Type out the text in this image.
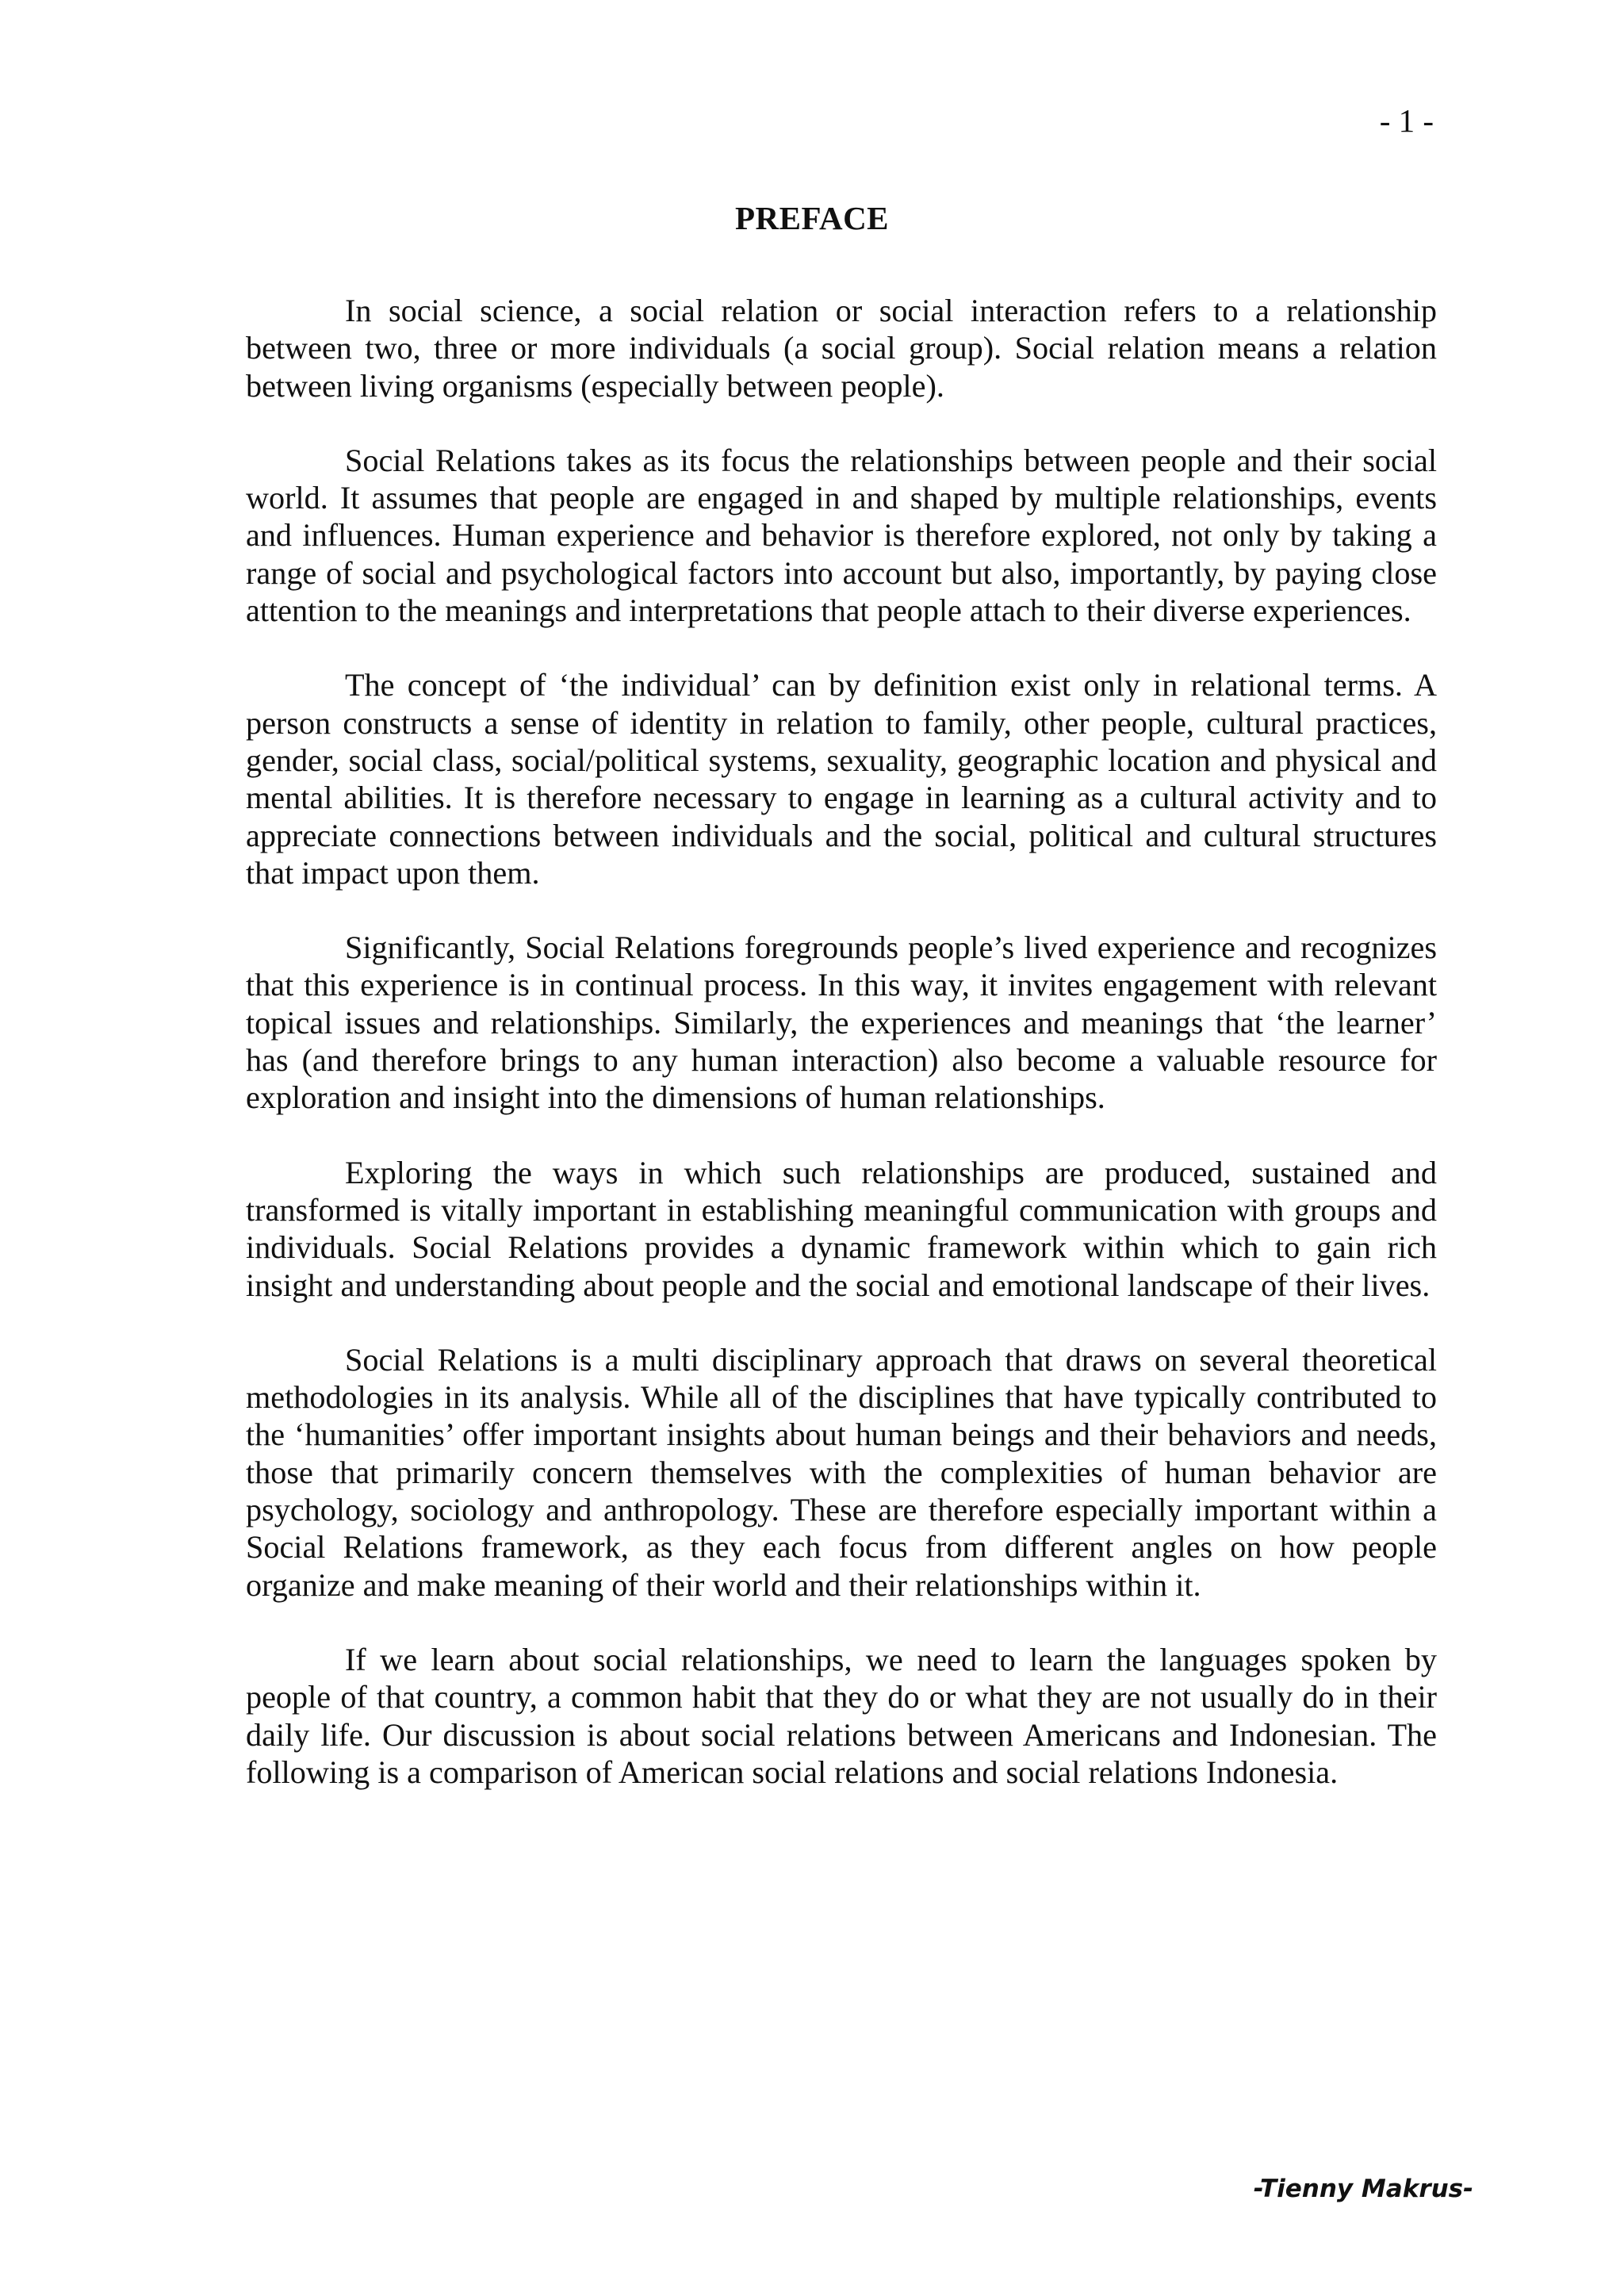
- 1 -
PREFACE

In social science, a social relation or social interaction refers to a relationship between two, three or more individuals (a social group). Social relation means a relation between living organisms (especially between people).

Social Relations takes as its focus the relationships between people and their social world. It assumes that people are engaged in and shaped by multiple relationships, events and influences. Human experience and behavior is therefore explored, not only by taking a range of social and psychological factors into account but also, importantly, by paying close attention to the meanings and interpretations that people attach to their diverse experiences.

The concept of ‘the individual’ can by definition exist only in relational terms. A person constructs a sense of identity in relation to family, other people, cultural practices, gender, social class, social/political systems, sexuality, geographic location and physical and mental abilities. It is therefore necessary to engage in learning as a cultural activity and to appreciate connections between individuals and the social, political and cultural structures that impact upon them.

Significantly, Social Relations foregrounds people’s lived experience and recognizes that this experience is in continual process. In this way, it invites engagement with relevant topical issues and relationships. Similarly, the experiences and meanings that ‘the learner’ has (and therefore brings to any human interaction) also become a valuable resource for exploration and insight into the dimensions of human relationships.

Exploring the ways in which such relationships are produced, sustained and transformed is vitally important in establishing meaningful communication with groups and individuals. Social Relations provides a dynamic framework within which to gain rich insight and understanding about people and the social and emotional landscape of their lives.

Social Relations is a multi disciplinary approach that draws on several theoretical methodologies in its analysis. While all of the disciplines that have typically contributed to the ‘humanities’ offer important insights about human beings and their behaviors and needs, those that primarily concern themselves with the complexities of human behavior are psychology, sociology and anthropology. These are therefore especially important within a Social Relations framework, as they each focus from different angles on how people organize and make meaning of their world and their relationships within it.

If we learn about social relationships, we need to learn the languages spoken by people of that country, a common habit that they do or what they are not usually do in their daily life. Our discussion is about social relations between Americans and Indonesian. The following is a comparison of American social relations and social relations Indonesia.

-Tienny Makrus-
